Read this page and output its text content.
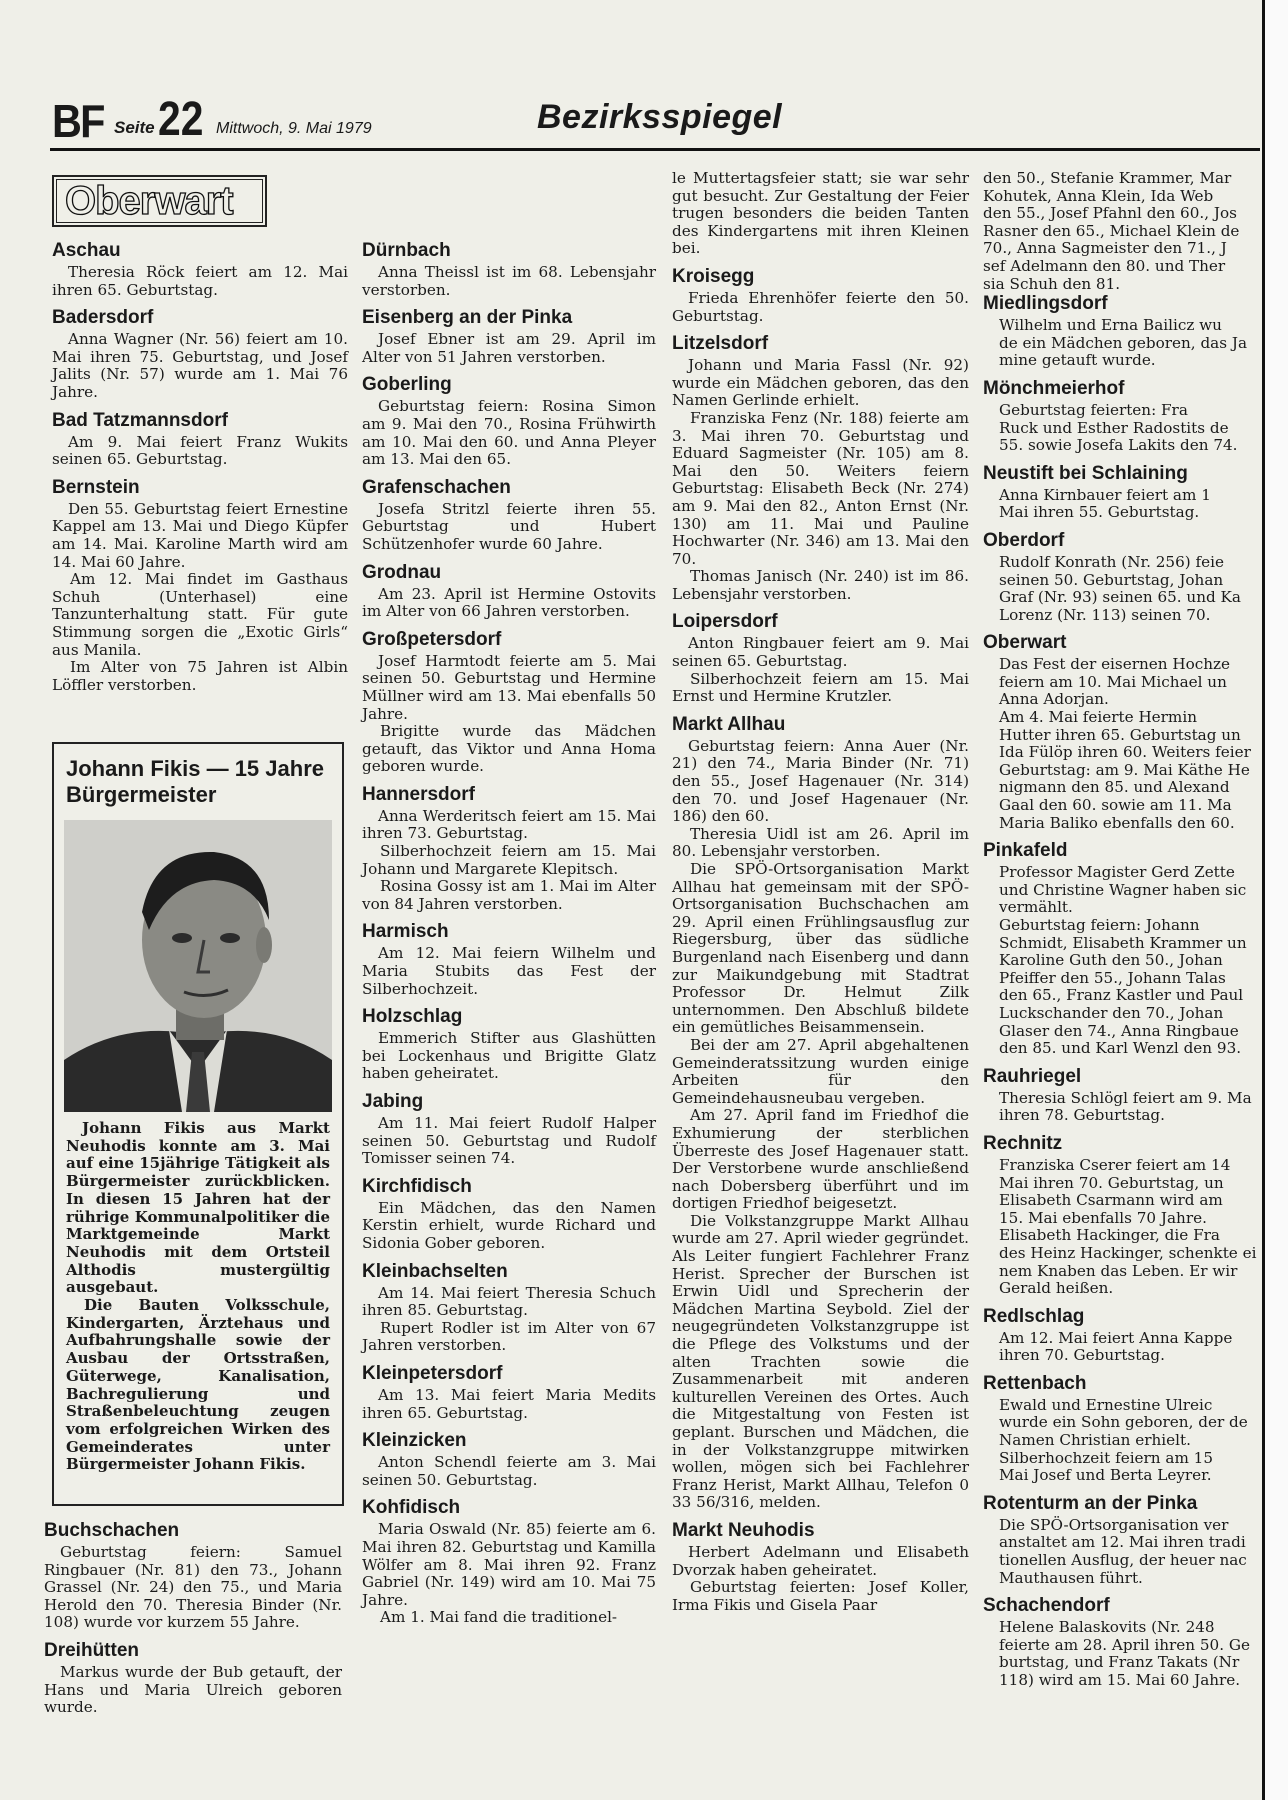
BF Seite 22 Mittwoch, 9. Mai 1979	Bezirksspiegel
Oberwart
Aschau

Theresia Röck feiert am 12. Mai ihren 65. Geburtstag.

Badersdorf

Anna Wagner (Nr. 56) feiert am 10. Mai ihren 75. Geburtstag, und Josef Jalits (Nr. 57) wurde am 1. Mai 76 Jahre.

Bad Tatzmannsdorf

Am 9. Mai feiert Franz Wukits seinen 65. Geburtstag.

Bernstein

Den 55. Geburtstag feiert Ernestine Kappel am 13. Mai und Diego Küpfer am 14. Mai. Karoline Marth wird am 14. Mai 60 Jahre.

Am 12. Mai findet im Gasthaus Schuh (Unterhasel) eine Tanzunterhaltung statt. Für gute Stimmung sorgen die „Exotic Girls“ aus Manila.

Im Alter von 75 Jahren ist Albin Löffler verstorben.

Johann Fikis — 15 Jahre Bürgermeister

Johann Fikis aus Markt Neuhodis konnte am 3. Mai auf eine 15jährige Tätigkeit als Bürgermeister zurückblicken. In diesen 15 Jahren hat der rührige Kommunalpolitiker die Marktgemeinde Markt Neuhodis mit dem Ortsteil Althodis mustergültig ausgebaut.

Die Bauten Volksschule, Kindergarten, Ärztehaus und Aufbahrungshalle sowie der Ausbau der Ortsstraßen, Güterwege, Kanalisation, Bachregulierung und Straßenbeleuchtung zeugen vom erfolgreichen Wirken des Gemeinderates unter Bürgermeister Johann Fikis.

Buchschachen

Geburtstag feiern: Samuel Ringbauer (Nr. 81) den 73., Johann Grassel (Nr. 24) den 75., und Maria Herold den 70. Theresia Binder (Nr. 108) wurde vor kurzem 55 Jahre.

Dreihütten

Markus wurde der Bub getauft, der Hans und Maria Ulreich geboren wurde.

Dürnbach

Anna Theissl ist im 68. Lebensjahr verstorben.

Eisenberg an der Pinka

Josef Ebner ist am 29. April im Alter von 51 Jahren verstorben.

Goberling

Geburtstag feiern: Rosina Simon am 9. Mai den 70., Rosina Frühwirth am 10. Mai den 60. und Anna Pleyer am 13. Mai den 65.

Grafenschachen

Josefa Stritzl feierte ihren 55. Geburtstag und Hubert Schützenhofer wurde 60 Jahre.

Grodnau

Am 23. April ist Hermine Ostovits im Alter von 66 Jahren verstorben.

Großpetersdorf

Josef Harmtodt feierte am 5. Mai seinen 50. Geburtstag und Hermine Müllner wird am 13. Mai ebenfalls 50 Jahre.

Brigitte wurde das Mädchen getauft, das Viktor und Anna Homa geboren wurde.

Hannersdorf

Anna Werderitsch feiert am 15. Mai ihren 73. Geburtstag.

Silberhochzeit feiern am 15. Mai Johann und Margarete Klepitsch.

Rosina Gossy ist am 1. Mai im Alter von 84 Jahren verstorben.

Harmisch

Am 12. Mai feiern Wilhelm und Maria Stubits das Fest der Silberhochzeit.

Holzschlag

Emmerich Stifter aus Glashütten bei Lockenhaus und Brigitte Glatz haben geheiratet.

Jabing

Am 11. Mai feiert Rudolf Halper seinen 50. Geburtstag und Rudolf Tomisser seinen 74.

Kirchfidisch

Ein Mädchen, das den Namen Kerstin erhielt, wurde Richard und Sidonia Gober geboren.

Kleinbachselten

Am 14. Mai feiert Theresia Schuch ihren 85. Geburtstag.

Rupert Rodler ist im Alter von 67 Jahren verstorben.

Kleinpetersdorf

Am 13. Mai feiert Maria Medits ihren 65. Geburtstag.

Kleinzicken

Anton Schendl feierte am 3. Mai seinen 50. Geburtstag.

Kohfidisch

Maria Oswald (Nr. 85) feierte am 6. Mai ihren 82. Geburtstag und Kamilla Wölfer am 8. Mai ihren 92. Franz Gabriel (Nr. 149) wird am 10. Mai 75 Jahre.

Am 1. Mai fand die traditionel-

le Muttertagsfeier statt; sie war sehr gut besucht. Zur Gestaltung der Feier trugen besonders die beiden Tanten des Kindergartens mit ihren Kleinen bei.

Kroisegg

Frieda Ehrenhöfer feierte den 50. Geburtstag.

Litzelsdorf

Johann und Maria Fassl (Nr. 92) wurde ein Mädchen geboren, das den Namen Gerlinde erhielt.

Franziska Fenz (Nr. 188) feierte am 3. Mai ihren 70. Geburtstag und Eduard Sagmeister (Nr. 105) am 8. Mai den 50. Weiters feiern Geburtstag: Elisabeth Beck (Nr. 274) am 9. Mai den 82., Anton Ernst (Nr. 130) am 11. Mai und Pauline Hochwarter (Nr. 346) am 13. Mai den 70.

Thomas Janisch (Nr. 240) ist im 86. Lebensjahr verstorben.

Loipersdorf

Anton Ringbauer feiert am 9. Mai seinen 65. Geburtstag.

Silberhochzeit feiern am 15. Mai Ernst und Hermine Krutzler.

Markt Allhau

Geburtstag feiern: Anna Auer (Nr. 21) den 74., Maria Binder (Nr. 71) den 55., Josef Hagenauer (Nr. 314) den 70. und Josef Hagenauer (Nr. 186) den 60.

Theresia Uidl ist am 26. April im 80. Lebensjahr verstorben.

Die SPÖ-Ortsorganisation Markt Allhau hat gemeinsam mit der SPÖ-Ortsorganisation Buchschachen am 29. April einen Frühlingsausflug zur Riegersburg, über das südliche Burgenland nach Eisenberg und dann zur Maikundgebung mit Stadtrat Professor Dr. Helmut Zilk unternommen. Den Abschluß bildete ein gemütliches Beisammensein.

Bei der am 27. April abgehaltenen Gemeinderatssitzung wurden einige Arbeiten für den Gemeindehausneubau vergeben.

Am 27. April fand im Friedhof die Exhumierung der sterblichen Überreste des Josef Hagenauer statt. Der Verstorbene wurde anschließend nach Dobersberg überführt und im dortigen Friedhof beigesetzt.

Die Volkstanzgruppe Markt Allhau wurde am 27. April wieder gegründet. Als Leiter fungiert Fachlehrer Franz Herist. Sprecher der Burschen ist Erwin Uidl und Sprecherin der Mädchen Martina Seybold. Ziel der neugegründeten Volkstanzgruppe ist die Pflege des Volkstums und der alten Trachten sowie die Zusammenarbeit mit anderen kulturellen Vereinen des Ortes. Auch die Mitgestaltung von Festen ist geplant. Burschen und Mädchen, die in der Volkstanzgruppe mitwirken wollen, mögen sich bei Fachlehrer Franz Herist, Markt Allhau, Telefon 0 33 56/316, melden.

Markt Neuhodis

Herbert Adelmann und Elisabeth Dvorzak haben geheiratet.

Geburtstag feierten: Josef Koller, Irma Fikis und Gisela Paar

den 50., Stefanie Krammer, Mar
Kohutek, Anna Klein, Ida Web
den 55., Josef Pfahnl den 60., Jos
Rasner den 65., Michael Klein de
70., Anna Sagmeister den 71., J
sef Adelmann den 80. und Ther
sia Schuh den 81.
Miedlingsdorf
Wilhelm und Erna Bailicz wu
de ein Mädchen geboren, das Ja
mine getauft wurde.
Mönchmeierhof
Geburtstag feierten: Fra
Ruck und Esther Radostits de
55. sowie Josefa Lakits den 74.
Neustift bei Schlaining
Anna Kirnbauer feiert am 1
Mai ihren 55. Geburtstag.
Oberdorf
Rudolf Konrath (Nr. 256) feie
seinen 50. Geburtstag, Johan
Graf (Nr. 93) seinen 65. und Ka
Lorenz (Nr. 113) seinen 70.
Oberwart
Das Fest der eisernen Hochze
feiern am 10. Mai Michael un
Anna Adorjan.
Am 4. Mai feierte Hermin
Hutter ihren 65. Geburtstag un
Ida Fülöp ihren 60. Weiters feier
Geburtstag: am 9. Mai Käthe He
nigmann den 85. und Alexand
Gaal den 60. sowie am 11. Ma
Maria Baliko ebenfalls den 60.
Pinkafeld
Professor Magister Gerd Zette
und Christine Wagner haben sic
vermählt.
Geburtstag feiern: Johann
Schmidt, Elisabeth Krammer un
Karoline Guth den 50., Johan
Pfeiffer den 55., Johann Talas
den 65., Franz Kastler und Paul
Luckschander den 70., Johan
Glaser den 74., Anna Ringbaue
den 85. und Karl Wenzl den 93.
Rauhriegel
Theresia Schlögl feiert am 9. Ma
ihren 78. Geburtstag.
Rechnitz
Franziska Cserer feiert am 14
Mai ihren 70. Geburtstag, un
Elisabeth Csarmann wird am
15. Mai ebenfalls 70 Jahre.
Elisabeth Hackinger, die Fra
des Heinz Hackinger, schenkte ei
nem Knaben das Leben. Er wir
Gerald heißen.
Redlschlag
Am 12. Mai feiert Anna Kappe
ihren 70. Geburtstag.
Rettenbach
Ewald und Ernestine Ulreic
wurde ein Sohn geboren, der de
Namen Christian erhielt.
Silberhochzeit feiern am 15
Mai Josef und Berta Leyrer.
Rotenturm an der Pinka
Die SPÖ-Ortsorganisation ver
anstaltet am 12. Mai ihren tradi
tionellen Ausflug, der heuer nac
Mauthausen führt.
Schachendorf
Helene Balaskovits (Nr. 248
feierte am 28. April ihren 50. Ge
burtstag, und Franz Takats (Nr
118) wird am 15. Mai 60 Jahre.
